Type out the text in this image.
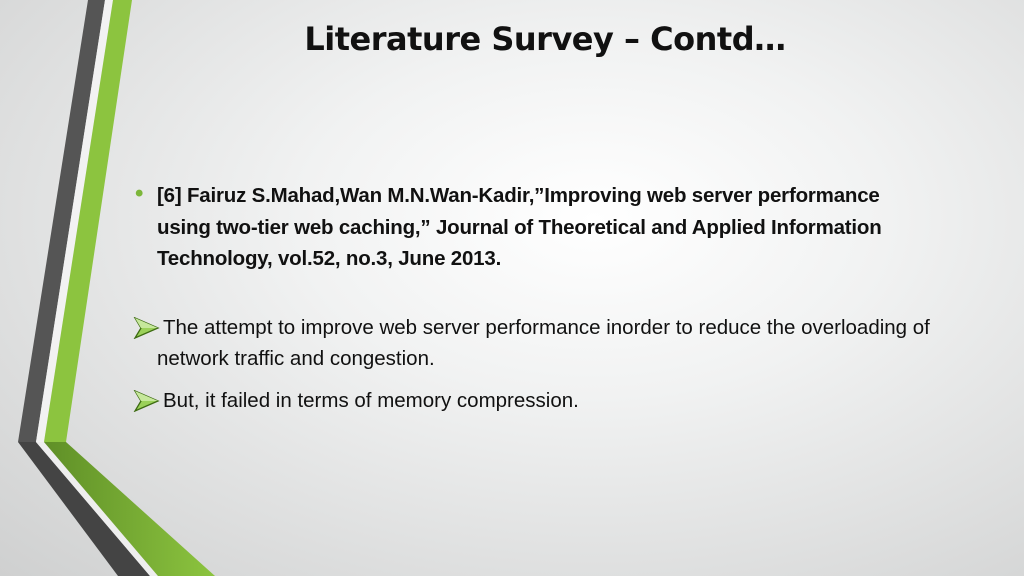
Literature Survey – Contd…
• [6] Fairuz S.Mahad,Wan M.N.Wan-Kadir,”Improving web server performance using two-tier web caching,” Journal of Theoretical and Applied Information Technology, vol.52, no.3, June 2013.
The attempt to improve web server performance inorder to reduce the overloading of network traffic and congestion.
But, it failed in terms of memory compression.
